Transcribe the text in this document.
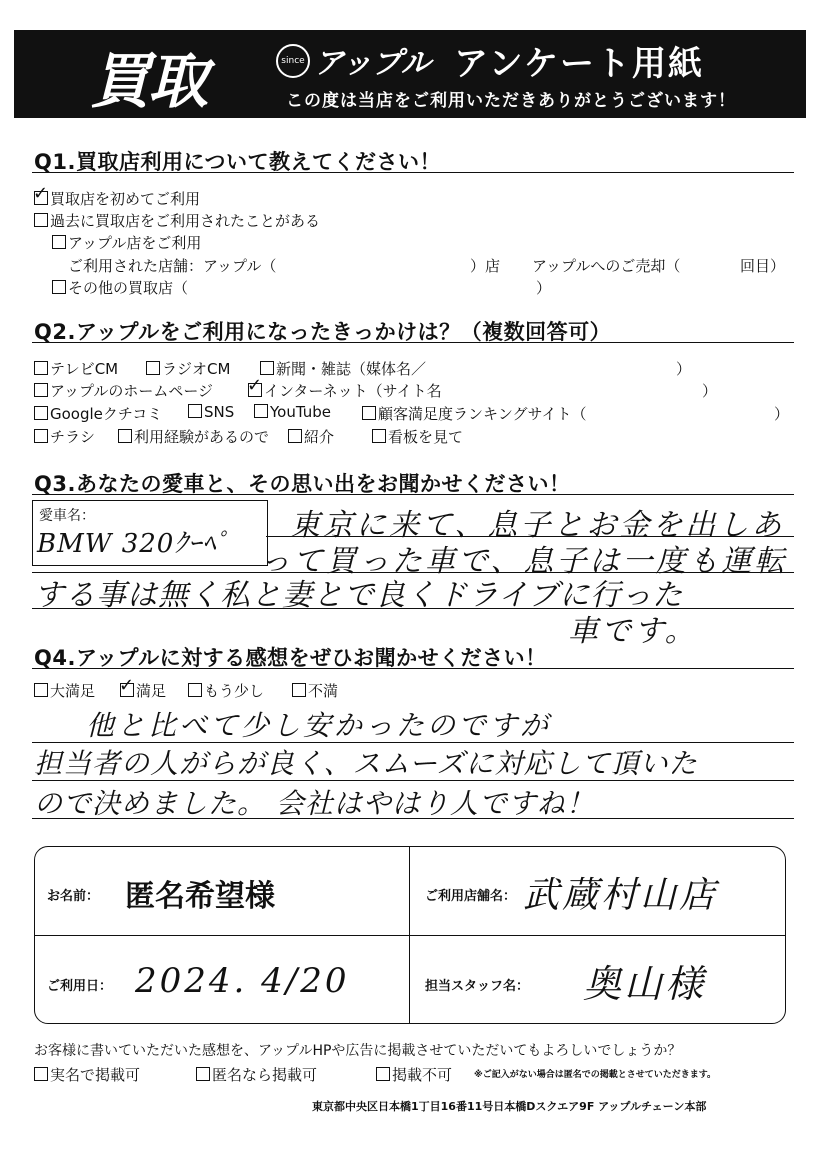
買取	since アップル アンケート用紙
この度は当店をご利用いただきありがとうございます！
Q1.買取店利用について教えてください！
✓買取店を初めてご利用
過去に買取店をご利用されたことがある
アップル店をご利用
ご利用された店舗：アップル（	）店 アップルへのご売却（	回目）
その他の買取店（	）
Q2.アップルをご利用になったきっかけは？（複数回答可）
テレビCM	ラジオCM	新聞・雑誌（媒体名／	）
アップルのホームページ ✓	インターネット（サイト名	）
Googleクチコミ	SNS	YouTube	顧客満足度ランキングサイト（	）
チラシ	利用経験があるので	紹介	看板を見て
Q3.あなたの愛車と、その思い出をお聞かせください！
愛車名：
BMW 320ｸｰﾍﾟ
東京に来て、息子とお金を出しあ
って買った車で、息子は一度も運転
する事は無く私と妻とで良くドライブに行った
車です。
Q4.アップルに対する感想をぜひお聞かせください！
大満足 ✓	満足	もう少し	不満
他と比べて少し安かったのですが
担当者の人がらが良く、スムーズに対応して頂いた
ので決めました。 会社はやはり人ですね！
お名前： 匿名希望様	ご利用店舗名： 武蔵村山店
ご利用日： 2024. 4/20	担当スタッフ名： 奥山様
お客様に書いていただいた感想を、アップルHPや広告に掲載させていただいてもよろしいでしょうか？
実名で掲載可	匿名なら掲載可	掲載不可 ※ご記入がない場合は匿名での掲載とさせていただきます。
東京都中央区日本橋1丁目16番11号日本橋Dスクエア9F アップルチェーン本部
